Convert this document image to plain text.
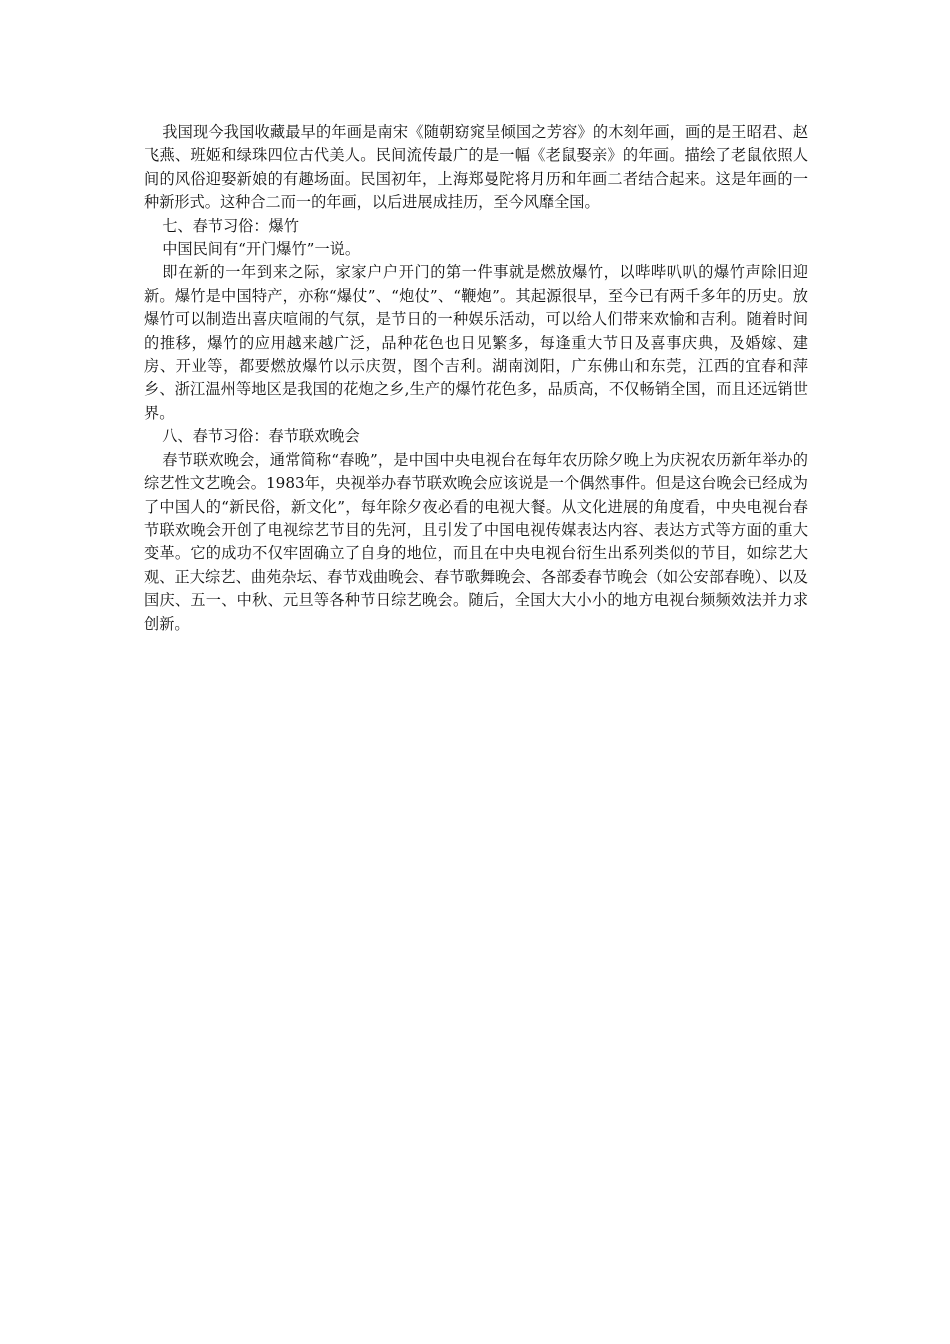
我国现今我国收藏最早的年画是南宋《随朝窈窕呈倾国之芳容》的木刻年画，画的是王昭君、赵飞燕、班姬和绿珠四位古代美人。民间流传最广的是一幅《老鼠娶亲》的年画。描绘了老鼠依照人间的风俗迎娶新娘的有趣场面。民国初年，上海郑曼陀将月历和年画二者结合起来。这是年画的一种新形式。这种合二而一的年画，以后进展成挂历，至今风靡全国。

七、春节习俗：爆竹

中国民间有“开门爆竹”一说。

即在新的一年到来之际，家家户户开门的第一件事就是燃放爆竹，以哔哔叭叭的爆竹声除旧迎新。爆竹是中国特产，亦称“爆仗”、“炮仗”、“鞭炮”。其起源很早，至今已有两千多年的历史。放爆竹可以制造出喜庆喧闹的气氛，是节日的一种娱乐活动，可以给人们带来欢愉和吉利。随着时间的推移，爆竹的应用越来越广泛，品种花色也日见繁多，每逢重大节日及喜事庆典，及婚嫁、建房、开业等，都要燃放爆竹以示庆贺，图个吉利。湖南浏阳，广东佛山和东莞，江西的宜春和萍乡、浙江温州等地区是我国的花炮之乡,生产的爆竹花色多，品质高，不仅畅销全国，而且还远销世界。

八、春节习俗：春节联欢晚会

春节联欢晚会，通常简称“春晚”，是中国中央电视台在每年农历除夕晚上为庆祝农历新年举办的综艺性文艺晚会。1983年，央视举办春节联欢晚会应该说是一个偶然事件。但是这台晚会已经成为了中国人的“新民俗，新文化”，每年除夕夜必看的电视大餐。从文化进展的角度看，中央电视台春节联欢晚会开创了电视综艺节目的先河，且引发了中国电视传媒表达内容、表达方式等方面的重大变革。它的成功不仅牢固确立了自身的地位，而且在中央电视台衍生出系列类似的节目，如综艺大观、正大综艺、曲苑杂坛、春节戏曲晚会、春节歌舞晚会、各部委春节晚会（如公安部春晚）、以及国庆、五一、中秋、元旦等各种节日综艺晚会。随后，全国大大小小的地方电视台频频效法并力求创新。
